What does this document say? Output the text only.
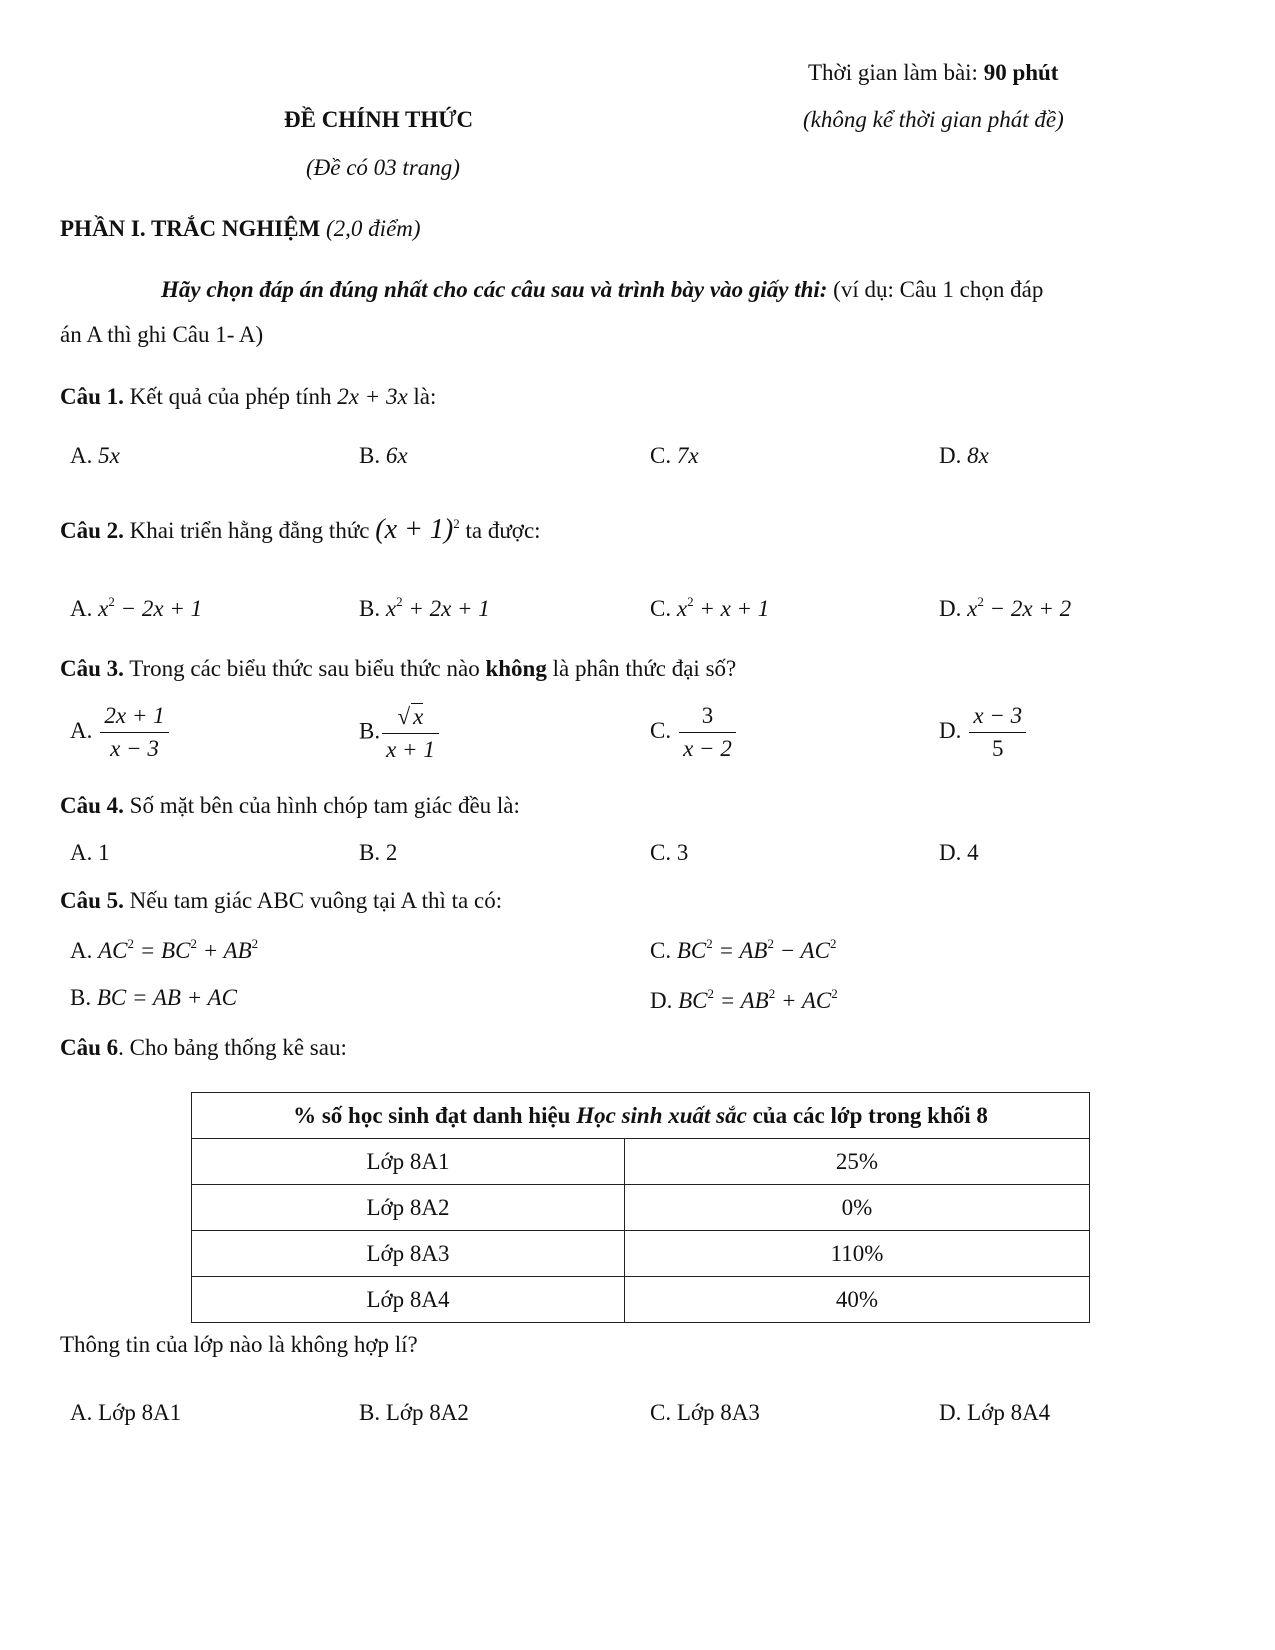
Thời gian làm bài: 90 phút
ĐỀ CHÍNH THỨC	(không kể thời gian phát đề)
(Đề có 03 trang)
PHẦN I. TRẮC NGHIỆM (2,0 điểm)
Hãy chọn đáp án đúng nhất cho các câu sau và trình bày vào giấy thi: (ví dụ: Câu 1 chọn đáp
án A thì ghi Câu 1- A)
Câu 1. Kết quả của phép tính 2x + 3x là:
A. 5x	B. 6x	C. 7x	D. 8x
Câu 2. Khai triển hằng đẳng thức $(x + 1)^2$ ta được:
A. $x^2 - 2x + 1$	B. $x^2 + 2x + 1$	C. $x^2 + x + 1$	D. $x^2 - 2x + 2$
Câu 3. Trong các biểu thức sau biểu thức nào không là phân thức đại số?
A. $\frac{2x + 1}{x - 3}$	B. $\frac{√ x}{x + 1}$	C. $\frac{3}{x - 2}$	D. $\frac{x - 3}{5}$
Câu 4. Số mặt bên của hình chóp tam giác đều là:
A. 1	B. 2	C. 3	D. 4
Câu 5. Nếu tam giác ABC vuông tại A thì ta có:
A. $AC^2 = BC^2 + AB^2$	C. $BC^2 = AB^2 - AC^2$
B. BC = AB + AC	D. $BC^2 = AB^2 + AC^2$
Câu 6. Cho bảng thống kê sau:
% số học sinh đạt danh hiệu Học sinh xuất sắc của các lớp trong khối 8	
Lớp 8A1	25%
Lớp 8A2	0%
Lớp 8A3	110%
Lớp 8A4	40%
Thông tin của lớp nào là không hợp lí?
A. Lớp 8A1	B. Lớp 8A2	C. Lớp 8A3	D. Lớp 8A4
